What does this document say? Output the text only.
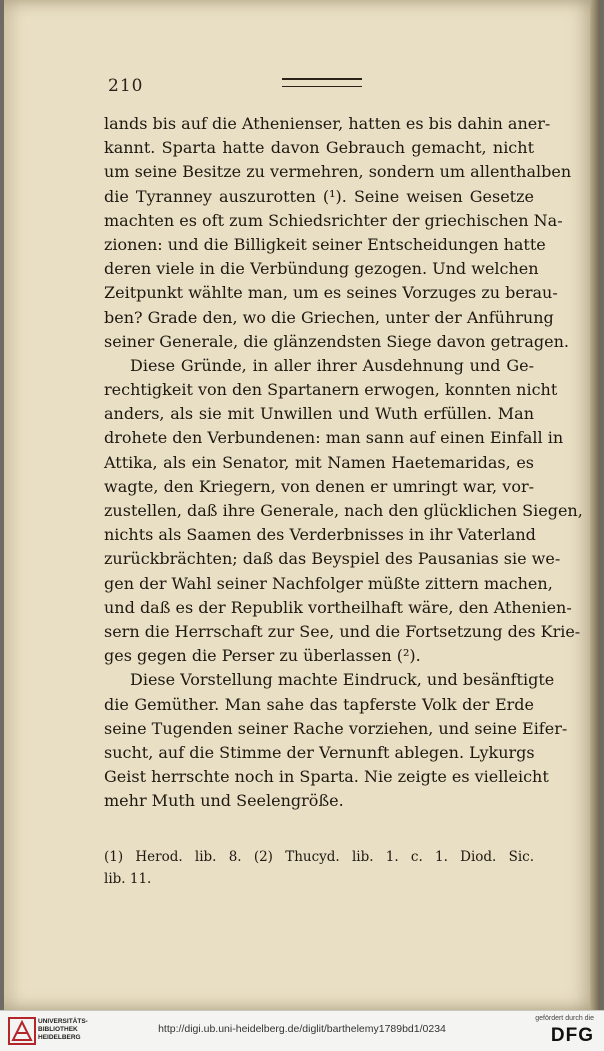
210
lands bis auf die Athenienser, hatten es bis dahin aner-
kannt. Sparta hatte davon Gebrauch gemacht, nicht
um seine Besitze zu vermehren, sondern um allenthalben
die Tyranney auszurotten (¹). Seine weisen Gesetze
machten es oft zum Schiedsrichter der griechischen Na-
zionen: und die Billigkeit seiner Entscheidungen hatte
deren viele in die Verbündung gezogen. Und welchen
Zeitpunkt wählte man, um es seines Vorzuges zu berau-
ben? Grade den, wo die Griechen, unter der Anführung
seiner Generale, die glänzendsten Siege davon getragen.
Diese Gründe, in aller ihrer Ausdehnung und Ge-
rechtigkeit von den Spartanern erwogen, konnten nicht
anders, als sie mit Unwillen und Wuth erfüllen. Man
drohete den Verbundenen: man sann auf einen Einfall in
Attika, als ein Senator, mit Namen Haetemaridas, es
wagte, den Kriegern, von denen er umringt war, vor-
zustellen, daß ihre Generale, nach den glücklichen Siegen,
nichts als Saamen des Verderbnisses in ihr Vaterland
zurückbrächten; daß das Beyspiel des Pausanias sie we-
gen der Wahl seiner Nachfolger müßte zittern machen,
und daß es der Republik vortheilhaft wäre, den Athenien-
sern die Herrschaft zur See, und die Fortsetzung des Krie-
ges gegen die Perser zu überlassen (²).
Diese Vorstellung machte Eindruck, und besänftigte
die Gemüther. Man sahe das tapferste Volk der Erde
seine Tugenden seiner Rache vorziehen, und seine Eifer-
sucht, auf die Stimme der Vernunft ablegen. Lykurgs
Geist herrschte noch in Sparta. Nie zeigte es vielleicht
mehr Muth und Seelengröße.
(1) Herod. lib. 8. (2) Thucyd. lib. 1. c. 1. Diod. Sic.
lib. 11.
UNIVERSITÄTS-
BIBLIOTHEK
HEIDELBERG
http://digi.ub.uni-heidelberg.de/diglit/barthelemy1789bd1/0234
gefördert durch die
DFG
